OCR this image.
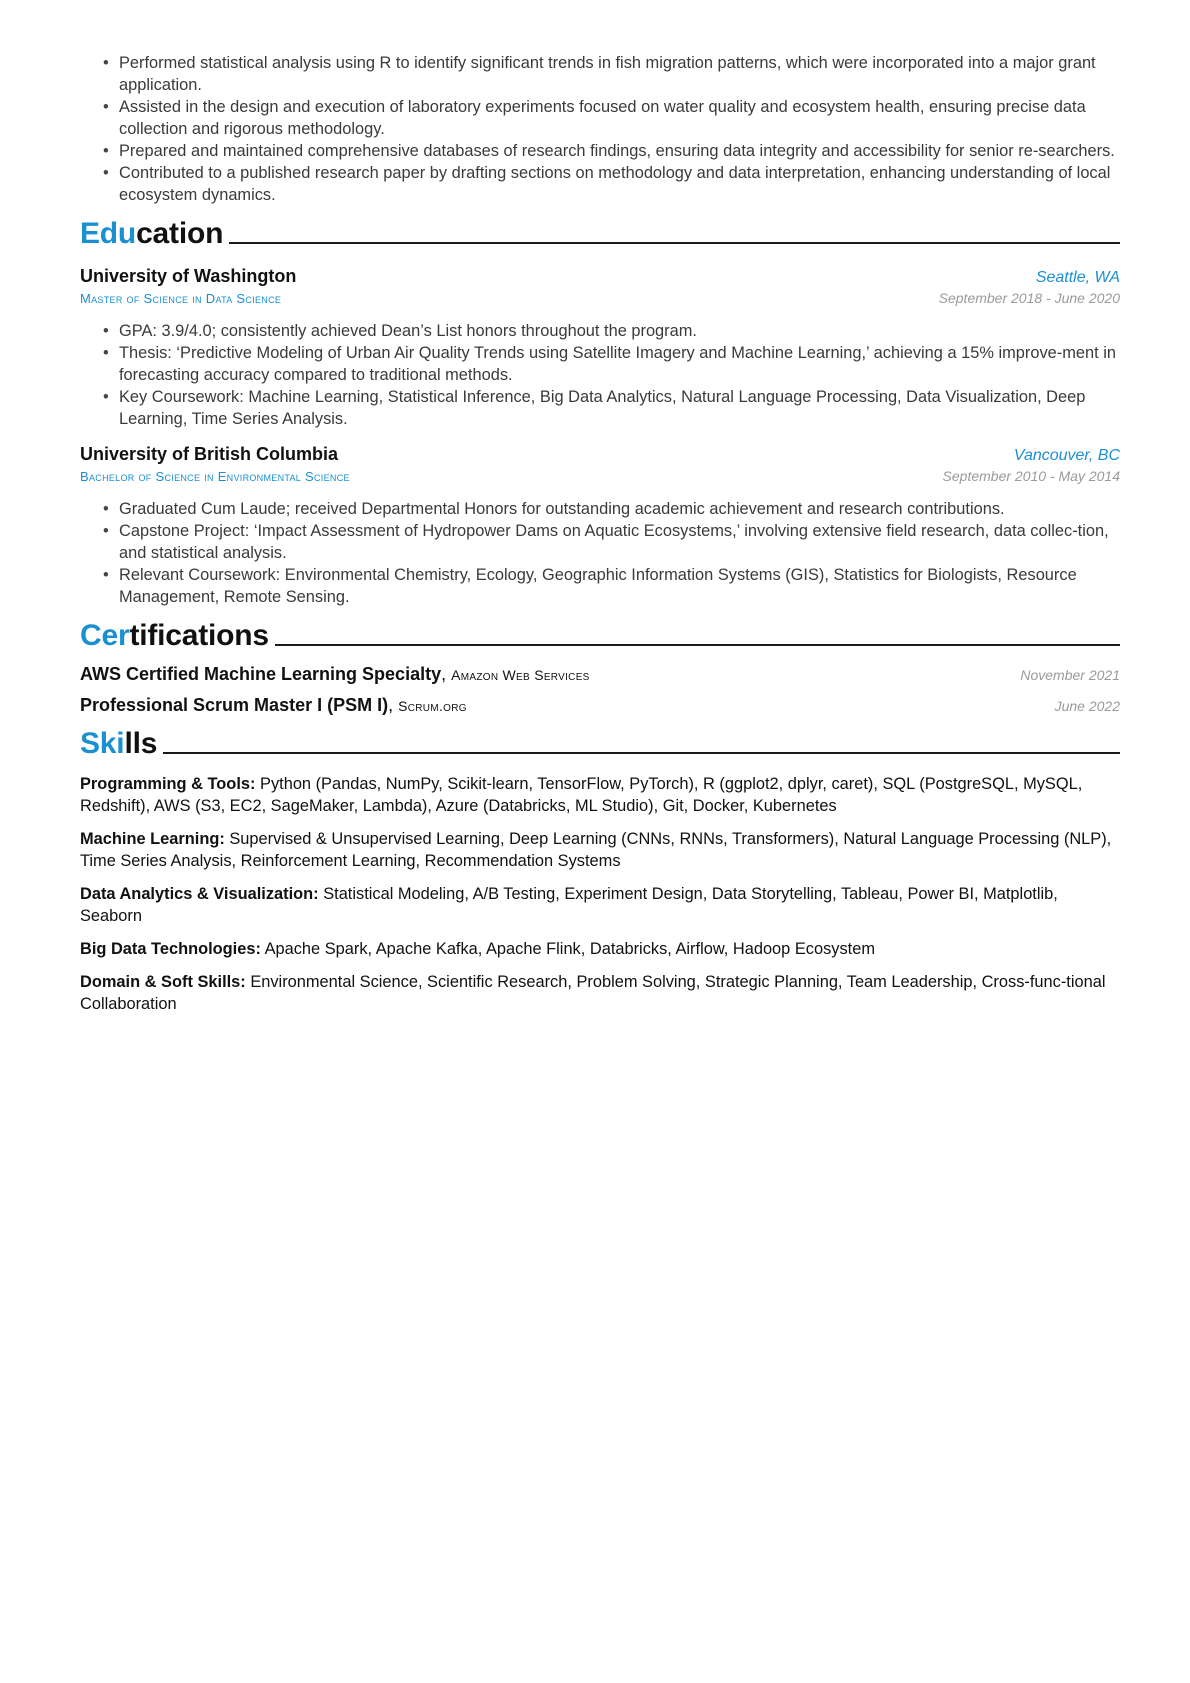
• Performed statistical analysis using R to identify significant trends in fish migration patterns, which were incorporated into a major grant application.
• Assisted in the design and execution of laboratory experiments focused on water quality and ecosystem health, ensuring precise data collection and rigorous methodology.
• Prepared and maintained comprehensive databases of research findings, ensuring data integrity and accessibility for senior re-searchers.
• Contributed to a published research paper by drafting sections on methodology and data interpretation, enhancing understanding of local ecosystem dynamics.
Education
University of Washington	Seattle, WA
Master of Science in Data Science	September 2018 - June 2020
• GPA: 3.9/4.0; consistently achieved Dean’s List honors throughout the program.
• Thesis: ‘Predictive Modeling of Urban Air Quality Trends using Satellite Imagery and Machine Learning,’ achieving a 15% improve-ment in forecasting accuracy compared to traditional methods.
• Key Coursework: Machine Learning, Statistical Inference, Big Data Analytics, Natural Language Processing, Data Visualization, Deep Learning, Time Series Analysis.
University of British Columbia	Vancouver, BC
Bachelor of Science in Environmental Science	September 2010 - May 2014
• Graduated Cum Laude; received Departmental Honors for outstanding academic achievement and research contributions.
• Capstone Project: ‘Impact Assessment of Hydropower Dams on Aquatic Ecosystems,’ involving extensive field research, data collec-tion, and statistical analysis.
• Relevant Coursework: Environmental Chemistry, Ecology, Geographic Information Systems (GIS), Statistics for Biologists, Resource Management, Remote Sensing.
Certifications
AWS Certified Machine Learning Specialty, Amazon Web Services	November 2021
Professional Scrum Master I (PSM I), Scrum.org	June 2022
Skills
Programming & Tools: Python (Pandas, NumPy, Scikit-learn, TensorFlow, PyTorch), R (ggplot2, dplyr, caret), SQL (PostgreSQL, MySQL, Redshift), AWS (S3, EC2, SageMaker, Lambda), Azure (Databricks, ML Studio), Git, Docker, Kubernetes
Machine Learning: Supervised & Unsupervised Learning, Deep Learning (CNNs, RNNs, Transformers), Natural Language Processing (NLP), Time Series Analysis, Reinforcement Learning, Recommendation Systems
Data Analytics & Visualization: Statistical Modeling, A/B Testing, Experiment Design, Data Storytelling, Tableau, Power BI, Matplotlib, Seaborn
Big Data Technologies: Apache Spark, Apache Kafka, Apache Flink, Databricks, Airflow, Hadoop Ecosystem
Domain & Soft Skills: Environmental Science, Scientific Research, Problem Solving, Strategic Planning, Team Leadership, Cross-func-tional Collaboration
